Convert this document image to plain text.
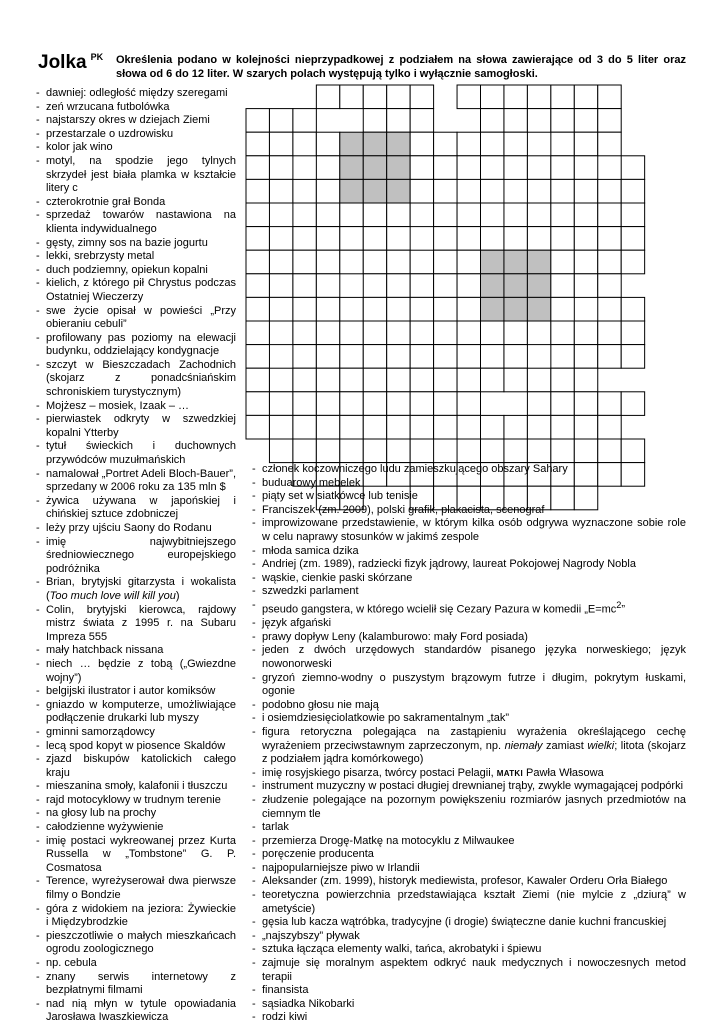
Jolka $^{PK}$ Określenia podano w kolejności nieprzypadkowej z podziałem na słowa zawierające od 3 do 5 liter oraz słowa od 6 do 12 liter. W szarych polach występują tylko i wyłącznie samogłoski.
- dawniej: odległość między szeregami
- zeń wrzucana futbolówka
- najstarszy okres w dziejach Ziemi
- przestarzale o uzdrowisku
- kolor jak wino
- motyl, na spodzie jego tylnych skrzydeł jest biała plamka w kształcie litery c
- czterokrotnie grał Bonda
- sprzedaż towarów nastawiona na klienta indywidualnego
- gęsty, zimny sos na bazie jogurtu
- lekki, srebrzysty metal
- duch podziemny, opiekun kopalni
- kielich, z którego pił Chrystus podczas Ostatniej Wieczerzy
- swe życie opisał w powieści „Przy obieraniu cebuli”
- profilowany pas poziomy na elewacji budynku, oddzielający kondygnacje
- szczyt w Bieszczadach Zachodnich (skojarz z ponadcśniańskim schroniskiem turystycznym)
- Mojżesz – mosiek, Izaak – …
- pierwiastek odkryty w szwedzkiej kopalni Ytterby
- tytuł świeckich i duchownych przywódców muzułmańskich
- namalował „Portret Adeli Bloch-Bauer”, sprzedany w 2006 roku za 135 mln $
- żywica używana w japońskiej i chińskiej sztuce zdobniczej
- leży przy ujściu Saony do Rodanu
- imię najwybitniejszego średniowiecznego europejskiego podróżnika
- Brian, brytyjski gitarzysta i wokalista (Too much love will kill you)
- Colin, brytyjski kierowca, rajdowy mistrz świata z 1995 r. na Subaru Impreza 555
- mały hatchback nissana
- niech … będzie z tobą („Gwiezdne wojny”)
- belgijski ilustrator i autor komiksów
- gniazdo w komputerze, umożliwiające podłączenie drukarki lub myszy
- gminni samorządowcy
- lecą spod kopyt w piosence Skaldów
- zjazd biskupów katolickich całego kraju
- mieszanina smoły, kalafonii i tłuszczu
- rajd motocyklowy w trudnym terenie
- na głosy lub na prochy
- całodzienne wyżywienie
- imię postaci wykreowanej przez Kurta Russella w „Tombstone” G. P. Cosmatosa
- Terence, wyreżyserował dwa pierwsze filmy o Bondzie
- góra z widokiem na jeziora: Żywieckie i Międzybrodzkie
- pieszczotliwie o małych mieszkańcach ogrodu zoologicznego
- np. cebula
- znany serwis internetowy z bezpłatnymi filmami
- nad nią młyn w tytule opowiadania Jarosława Iwaszkiewicza
- członek koczowniczego ludu zamieszkującego obszary Sahary
- buduarowy mebelek
- piąty set w siatkówce lub tenisie
- Franciszek (zm. 2009), polski grafik, plakacista, scenograf
- improwizowane przedstawienie, w którym kilka osób odgrywa wyznaczone sobie role w celu naprawy stosunków w jakimś zespole
- młoda samica dzika
- Andriej (zm. 1989), radziecki fizyk jądrowy, laureat Pokojowej Nagrody Nobla
- wąskie, cienkie paski skórzane
- szwedzki parlament
- pseudo gangstera, w którego wcielił się Cezary Pazura w komedii $„E=mc^2$”
- język afgański
- prawy dopływ Leny (kalamburowo: mały Ford posiada)
- jeden z dwóch urzędowych standardów pisanego języka norweskiego; język nowonorweski
- gryzoń ziemno-wodny o puszystym brązowym futrze i długim, pokrytym łuskami, ogonie
- podobno głosu nie mają
- i osiemdziesięciolatkowie po sakramentalnym „tak”
- figura retoryczna polegająca na zastąpieniu wyrażenia określającego cechę wyrażeniem przeciwstawnym zaprzeczonym, np. niemały zamiast wielki; litota (skojarz z podziałem jądra komórkowego)
- imię rosyjskiego pisarza, twórcy postaci Pelagii, MATKI Pawła Własowa
- instrument muzyczny w postaci długiej drewnianej trąby, zwykle wymagającej podpórki
- złudzenie polegające na pozornym powiększeniu rozmiarów jasnych przedmiotów na ciemnym tle
- tarlak
- przemierza Drogę-Matkę na motocyklu z Milwaukee
- poręczenie producenta
- najpopularniejsze piwo w Irlandii
- Aleksander (zm. 1999), historyk mediewista, profesor, Kawaler Orderu Orła Białego
- teoretyczna powierzchnia przedstawiająca kształt Ziemi (nie mylcie z „dziurą” w ametyście)
- gęsia lub kacza wątróbka, tradycyjne (i drogie) świąteczne danie kuchni francuskiej
- „najszybszy” pływak
- sztuka łącząca elementy walki, tańca, akrobatyki i śpiewu
- zajmuje się moralnym aspektem odkryć nauk medycznych i nowoczesnych metod terapii
- finansista
- sąsiadka Nikobarki
- rodzi kiwi
